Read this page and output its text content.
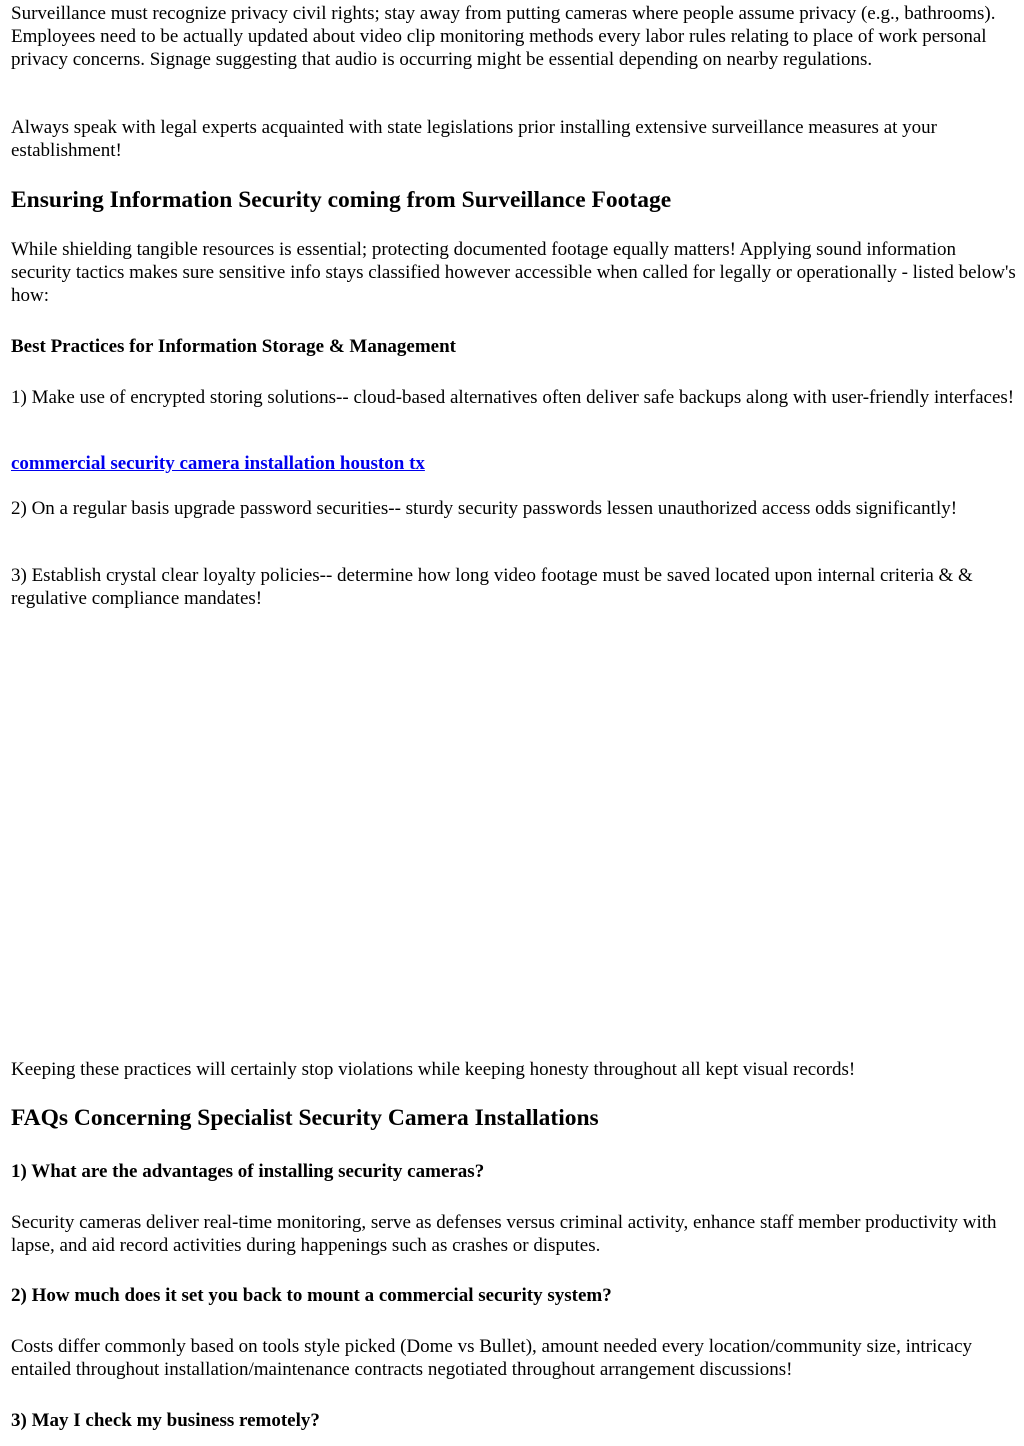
Surveillance must recognize privacy civil rights; stay away from putting cameras where people assume privacy (e.g., bathrooms). Employees need to be actually updated about video clip monitoring methods every labor rules relating to place of work personal privacy concerns. Signage suggesting that audio is occurring might be essential depending on nearby regulations.

Always speak with legal experts acquainted with state legislations prior installing extensive surveillance measures at your establishment!

Ensuring Information Security coming from Surveillance Footage

While shielding tangible resources is essential; protecting documented footage equally matters! Applying sound information security tactics makes sure sensitive info stays classified however accessible when called for legally or operationally - listed below's how:

Best Practices for Information Storage & Management

1) Make use of encrypted storing solutions-- cloud-based alternatives often deliver safe backups along with user-friendly interfaces!

commercial security camera installation houston tx

2) On a regular basis upgrade password securities-- sturdy security passwords lessen unauthorized access odds significantly!

3) Establish crystal clear loyalty policies-- determine how long video footage must be saved located upon internal criteria & & regulative compliance mandates!

Keeping these practices will certainly stop violations while keeping honesty throughout all kept visual records!

FAQs Concerning Specialist Security Camera Installations
1) What are the advantages of installing security cameras?

Security cameras deliver real-time monitoring, serve as defenses versus criminal activity, enhance staff member productivity with lapse, and aid record activities during happenings such as crashes or disputes.

2) How much does it set you back to mount a commercial security system?

Costs differ commonly based on tools style picked (Dome vs Bullet), amount needed every location/community size, intricacy entailed throughout installation/maintenance contracts negotiated throughout arrangement discussions!

3) May I check my business remotely?
